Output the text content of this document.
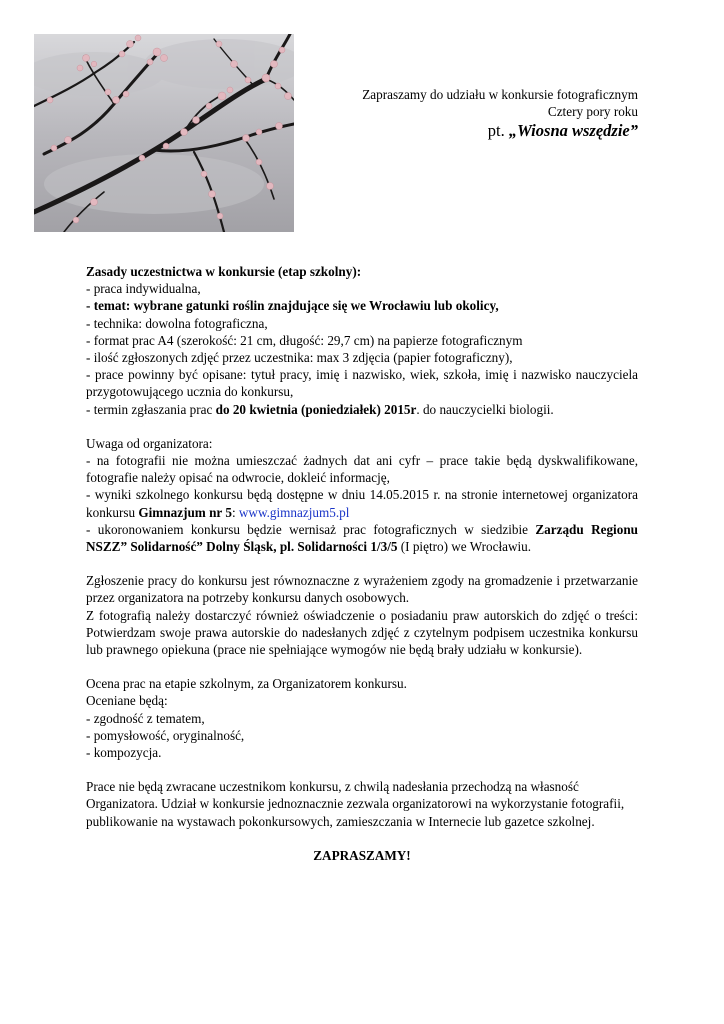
Zapraszamy do udziału w konkursie fotograficznym
Cztery pory roku
pt. „Wiosna wszędzie”

Zasady uczestnictwa w konkursie (etap szkolny):

- praca indywidualna,

- temat: wybrane gatunki roślin znajdujące się we Wrocławiu lub okolicy,

- technika: dowolna fotograficzna,

- format prac A4 (szerokość: 21 cm, długość: 29,7 cm) na papierze fotograficznym

- ilość zgłoszonych zdjęć przez uczestnika: max 3 zdjęcia (papier fotograficzny),

- prace powinny być opisane: tytuł pracy, imię i nazwisko, wiek, szkoła, imię i nazwisko nauczyciela przygotowującego ucznia do konkursu,

- termin zgłaszania prac do 20 kwietnia (poniedziałek) 2015r. do nauczycielki biologii.

Uwaga od organizatora:

- na fotografii nie można umieszczać żadnych dat ani cyfr – prace takie będą dyskwalifikowane, fotografie należy opisać na odwrocie, dokleić informację,

- wyniki szkolnego konkursu będą dostępne w dniu 14.05.2015 r. na stronie internetowej organizatora konkursu Gimnazjum nr 5: www.gimnazjum5.pl

- ukoronowaniem konkursu będzie wernisaż prac fotograficznych w siedzibie Zarządu Regionu NSZZ” Solidarność” Dolny Śląsk, pl. Solidarności 1/3/5 (I piętro) we Wrocławiu.

Zgłoszenie pracy do konkursu jest równoznaczne z wyrażeniem zgody na gromadzenie i przetwarzanie przez organizatora na potrzeby konkursu danych osobowych.

Z fotografią należy dostarczyć również oświadczenie o posiadaniu praw autorskich do zdjęć o treści: Potwierdzam swoje prawa autorskie do nadesłanych zdjęć z czytelnym podpisem uczestnika konkursu lub prawnego opiekuna (prace nie spełniające wymogów nie będą brały udziału w konkursie).

Ocena prac na etapie szkolnym, za Organizatorem konkursu.

Oceniane będą:

- zgodność z tematem,

- pomysłowość, oryginalność,

- kompozycja.

Prace nie będą zwracane uczestnikom konkursu, z chwilą nadesłania przechodzą na własność Organizatora. Udział w konkursie jednoznacznie zezwala organizatorowi na wykorzystanie fotografii, publikowanie na wystawach pokonkursowych, zamieszczania w Internecie lub gazetce szkolnej.

ZAPRASZAMY!
